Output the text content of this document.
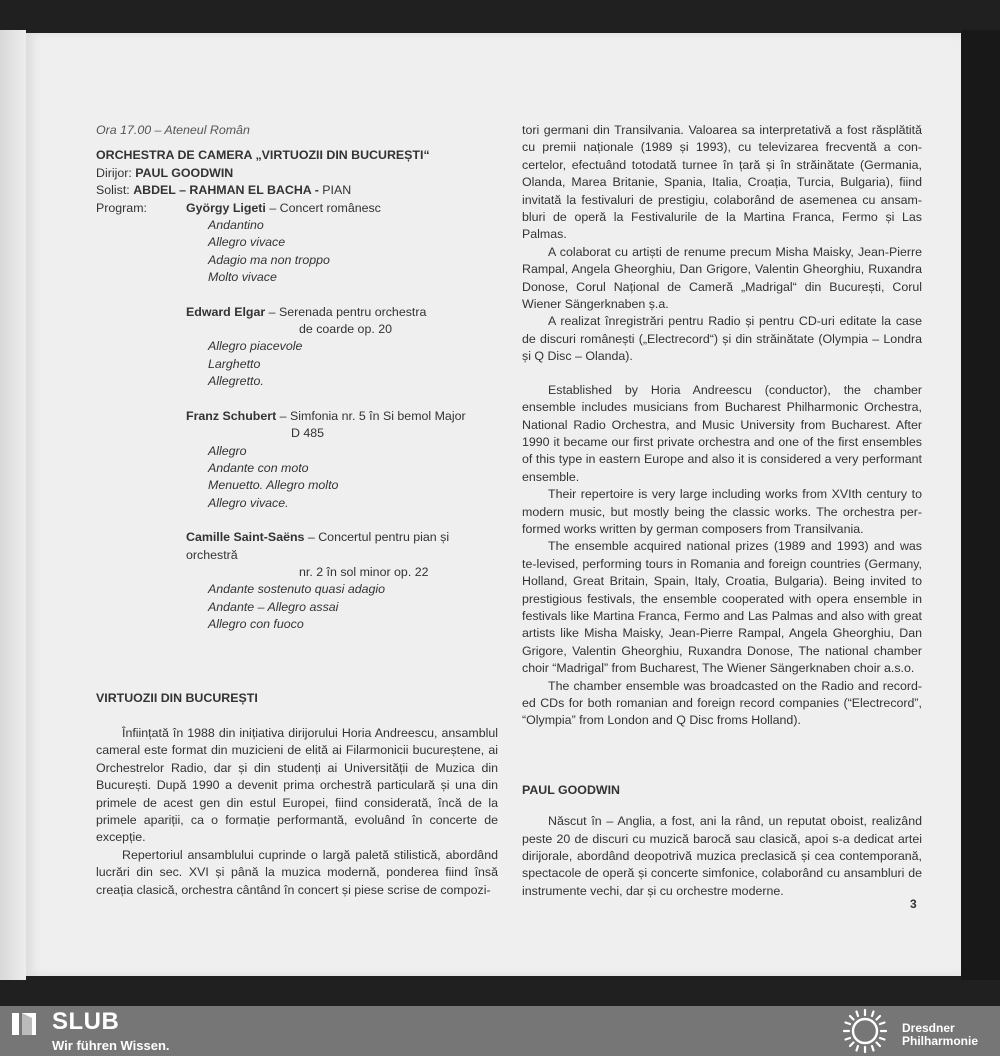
Ora 17.00 – Ateneul Român

ORCHESTRA DE CAMERA „VIRTUOZII DIN BUCUREȘTI“

Dirijor: PAUL GOODWIN

Solist: ABDEL – RAHMAN EL BACHA - PIAN

Program:	György Ligeti – Concert românesc
Andantino
Allegro vivace
Adagio ma non troppo
Molto vivace
Edward Elgar – Serenada pentru orchestra
de coarde op. 20
Allegro piacevole
Larghetto
Allegretto.
Franz Schubert – Simfonia nr. 5 în Si bemol Major
D 485
Allegro
Andante con moto
Menuetto. Allegro molto
Allegro vivace.
Camille Saint-Saëns – Concertul pentru pian și orchestră
nr. 2 în sol minor op. 22
Andante sostenuto quasi adagio
Andante – Allegro assai
Allegro con fuoco
VIRTUOZII DIN BUCUREȘTI

Înființată în 1988 din inițiativa dirijorului Horia Andreescu, ansamblul cameral este format din muzicieni de elită ai Filarmonicii bucureștene, ai Orchestrelor Radio, dar și din studenți ai Universității de Muzica din București. După 1990 a devenit prima orchestră particulară și una din primele de acest gen din estul Europei, fiind considerată, încă de la primele apariții, ca o formație performantă, evoluând în concerte de excepție.

Repertoriul ansamblului cuprinde o largă paletă stilistică, abordând lucrări din sec. XVI și până la muzica modernă, ponderea fiind însă creația clasică, orchestra cântând în concert și piese scrise de compozi-

tori germani din Transilvania. Valoarea sa interpretativă a fost răsplătită cu premii naționale (1989 și 1993), cu televizarea frecventă a con-certelor, efectuând totodată turnee în țară și în străinătate (Germania, Olanda, Marea Britanie, Spania, Italia, Croația, Turcia, Bulgaria), fiind invitată la festivaluri de prestigiu, colaborând de asemenea cu ansam-bluri de operă la Festivalurile de la Martina Franca, Fermo și Las Palmas.

A colaborat cu artiști de renume precum Misha Maisky, Jean-Pierre Rampal, Angela Gheorghiu, Dan Grigore, Valentin Gheorghiu, Ruxandra Donose, Corul Național de Cameră „Madrigal“ din București, Corul Wiener Sängerknaben ș.a.

A realizat înregistrări pentru Radio și pentru CD-uri editate la case de discuri românești („Electrecord“) și din străinătate (Olympia – Londra și Q Disc – Olanda).

Established by Horia Andreescu (conductor), the chamber ensemble includes musicians from Bucharest Philharmonic Orchestra, National Radio Orchestra, and Music University from Bucharest. After 1990 it became our first private orchestra and one of the first ensembles of this type in eastern Europe and also it is considered a very performant ensemble.

Their repertoire is very large including works from XVIth century to modern music, but mostly being the classic works. The orchestra per-formed works written by german composers from Transilvania.

The ensemble acquired national prizes (1989 and 1993) and was te-levised, performing tours in Romania and foreign countries (Germany, Holland, Great Britain, Spain, Italy, Croatia, Bulgaria). Being invited to prestigious festivals, the ensemble cooperated with opera ensemble in festivals like Martina Franca, Fermo and Las Palmas and also with great artists like Misha Maisky, Jean-Pierre Rampal, Angela Gheorghiu, Dan Grigore, Valentin Gheorghiu, Ruxandra Donose, The national chamber choir “Madrigal” from Bucharest, The Wiener Sängerknaben choir a.s.o.

The chamber ensemble was broadcasted on the Radio and record-ed CDs for both romanian and foreign record companies (“Electrecord”, “Olympia” from London and Q Disc froms Holland).

PAUL GOODWIN

Născut în – Anglia, a fost, ani la rând, un reputat oboist, realizând peste 20 de discuri cu muzică barocă sau clasică, apoi s-a dedicat artei dirijorale, abordând deopotrivă muzica preclasică și cea contemporană, spectacole de operă și concerte simfonice, colaborând cu ansambluri de instrumente vechi, dar și cu orchestre moderne.

3
SLUB
Wir führen Wissen.
Dresdner
Philharmonie
